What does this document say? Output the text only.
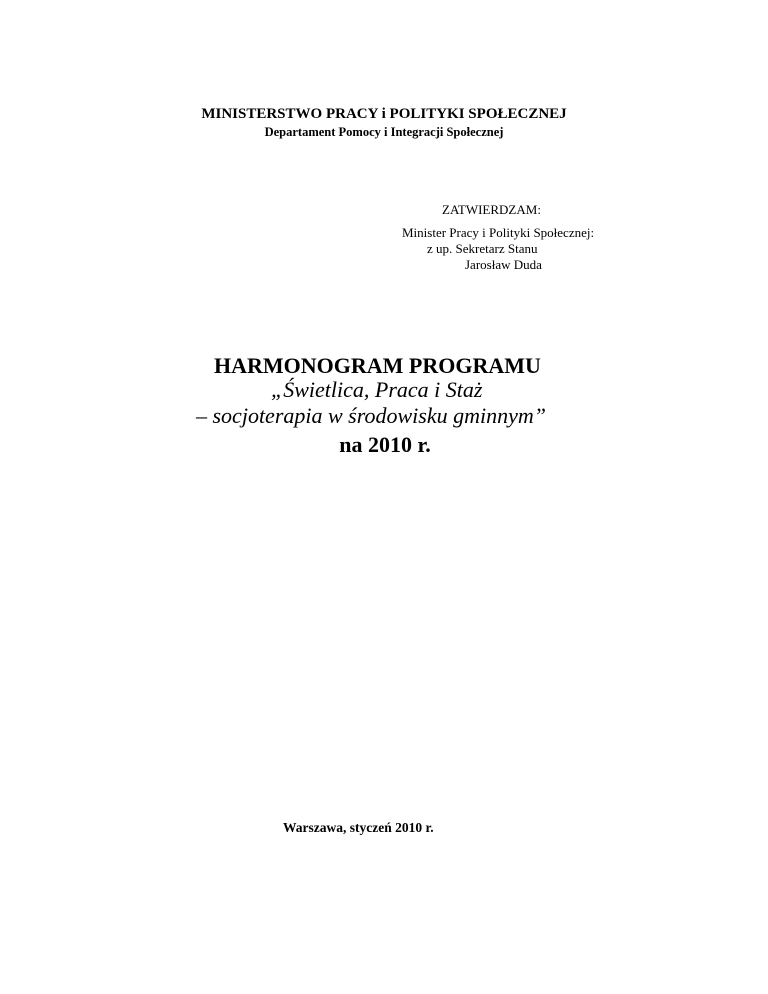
MINISTERSTWO PRACY i POLITYKI SPOŁECZNEJ
Departament Pomocy i Integracji Społecznej
ZATWIERDZAM:
Minister Pracy i Polityki Społecznej:
z up. Sekretarz Stanu
Jarosław Duda
HARMONOGRAM PROGRAMU
„Świetlica, Praca i Staż
– socjoterapia w środowisku gminnym”
na 2010 r.
Warszawa, styczeń 2010 r.
